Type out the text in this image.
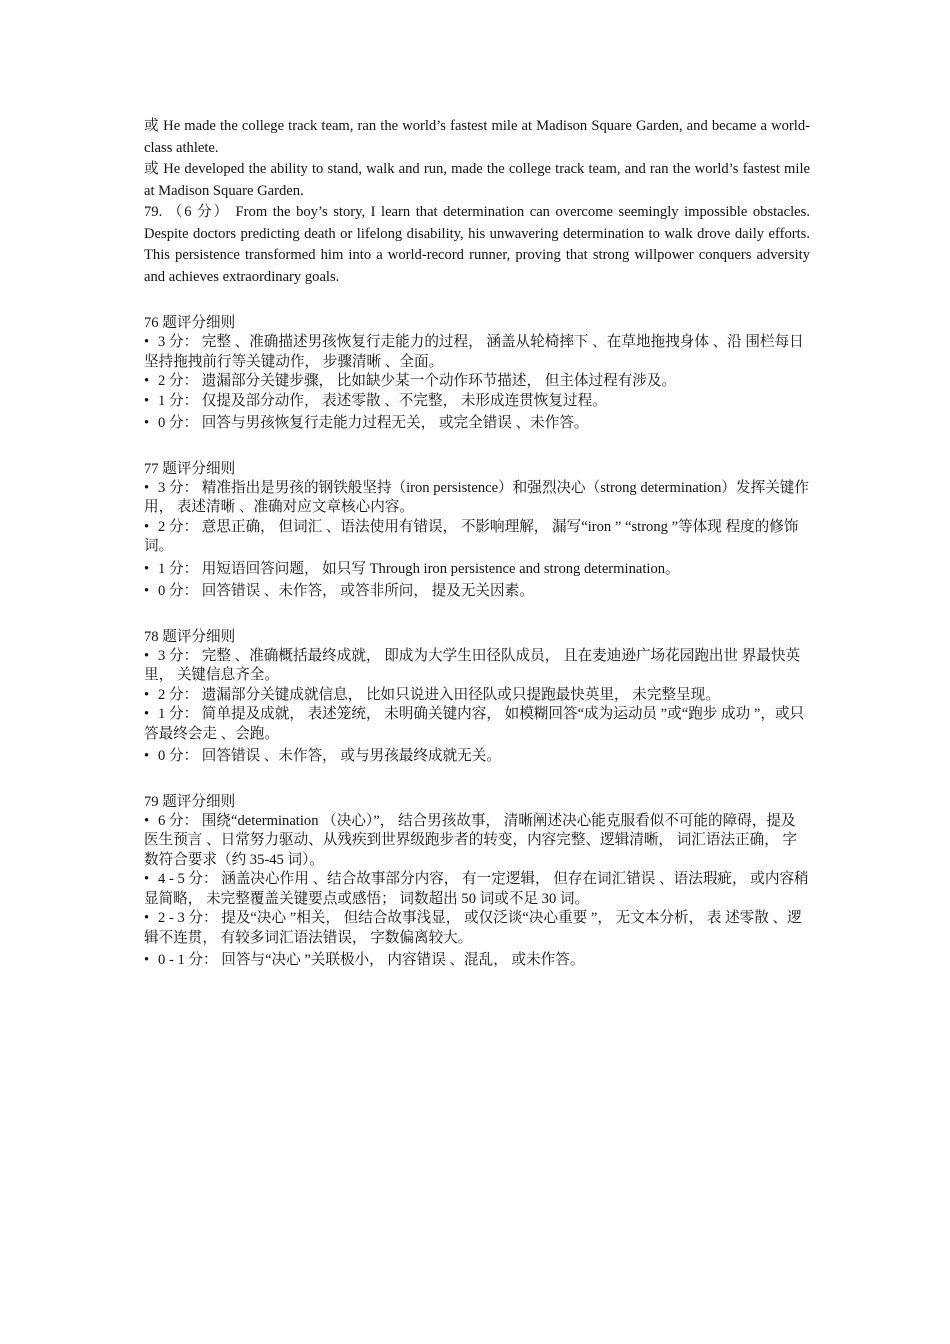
或 He made the college track team, ran the world’s fastest mile at Madison Square Garden, and became a world-class athlete.

或 He developed the ability to stand, walk and run, made the college track team, and ran the world’s fastest mile at Madison Square Garden.

79. （6 分） From the boy’s story, I learn that determination can overcome seemingly impossible obstacles. Despite doctors predicting death or lifelong disability, his unwavering determination to walk drove daily efforts. This persistence transformed him into a world-record runner, proving that strong willpower conquers adversity and achieves extraordinary goals.

76 题评分细则

• 3 分： 完整 、准确描述男孩恢复行走能力的过程， 涵盖从轮椅摔下 、在草地拖拽身体 、沿 围栏每日坚持拖拽前行等关键动作， 步骤清晰 、全面。

• 2 分： 遗漏部分关键步骤， 比如缺少某一个动作环节描述， 但主体过程有涉及。

• 1 分： 仅提及部分动作， 表述零散 、不完整， 未形成连贯恢复过程。

• 0 分： 回答与男孩恢复行走能力过程无关， 或完全错误 、未作答。

77 题评分细则

• 3 分： 精准指出是男孩的钢铁般坚持（iron persistence）和强烈决心（strong determination）发挥关键作用， 表述清晰 、准确对应文章核心内容。

• 2 分： 意思正确， 但词汇 、语法使用有错误， 不影响理解， 漏写“iron ” “strong ”等体现 程度的修饰词。

• 1 分： 用短语回答问题， 如只写 Through iron persistence and strong determination。

• 0 分： 回答错误 、未作答， 或答非所问， 提及无关因素。

78 题评分细则

• 3 分： 完整 、准确概括最终成就， 即成为大学生田径队成员， 且在麦迪逊广场花园跑出世 界最快英里， 关键信息齐全。

• 2 分： 遗漏部分关键成就信息， 比如只说进入田径队或只提跑最快英里， 未完整呈现。

• 1 分： 简单提及成就， 表述笼统， 未明确关键内容， 如模糊回答“成为运动员 ”或“跑步 成功 ”，或只答最终会走 、会跑。

• 0 分： 回答错误 、未作答， 或与男孩最终成就无关。

79 题评分细则

• 6 分： 围绕“determination （决心）”， 结合男孩故事， 清晰阐述决心能克服看似不可能的障碍，提及医生预言 、日常努力驱动、从残疾到世界级跑步者的转变，内容完整、逻辑清晰， 词汇语法正确， 字数符合要求（约 35-45 词）。

• 4 - 5 分： 涵盖决心作用 、结合故事部分内容， 有一定逻辑， 但存在词汇错误 、语法瑕疵， 或内容稍显简略， 未完整覆盖关键要点或感悟； 词数超出 50 词或不足 30 词。

• 2 - 3 分： 提及“决心 ”相关， 但结合故事浅显， 或仅泛谈“决心重要 ”， 无文本分析， 表 述零散 、逻辑不连贯， 有较多词汇语法错误， 字数偏离较大。

• 0 - 1 分： 回答与“决心 ”关联极小， 内容错误 、混乱， 或未作答。
